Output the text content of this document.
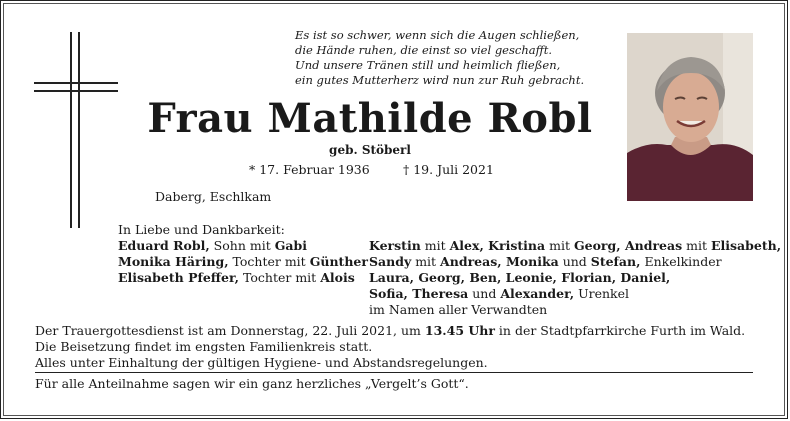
Es ist so schwer, wenn sich die Augen schließen,
die Hände ruhen, die einst so viel geschafft.
Und unsere Tränen still und heimlich fließen,
ein gutes Mutterherz wird nun zur Ruh gebracht.
Frau Mathilde Robl
geb. Stöberl
* 17. Februar 1936	† 19. Juli 2021
Daberg, Eschlkam
In Liebe und Dankbarkeit:
Eduard Robl, Sohn mit Gabi
Monika Häring, Tochter mit Günther
Elisabeth Pfeffer, Tochter mit Alois
Kerstin mit Alex, Kristina mit Georg, Andreas mit Elisabeth,
Sandy mit Andreas, Monika und Stefan, Enkelkinder
Laura, Georg, Ben, Leonie, Florian, Daniel,
Sofia, Theresa und Alexander, Urenkel
im Namen aller Verwandten
Der Trauergottesdienst ist am Donnerstag, 22. Juli 2021, um 13.45 Uhr in der Stadtpfarrkirche Furth im Wald.
Die Beisetzung findet im engsten Familienkreis statt.
Alles unter Einhaltung der gültigen Hygiene- und Abstandsregelungen.
Für alle Anteilnahme sagen wir ein ganz herzliches „Vergelt’s Gott“.
